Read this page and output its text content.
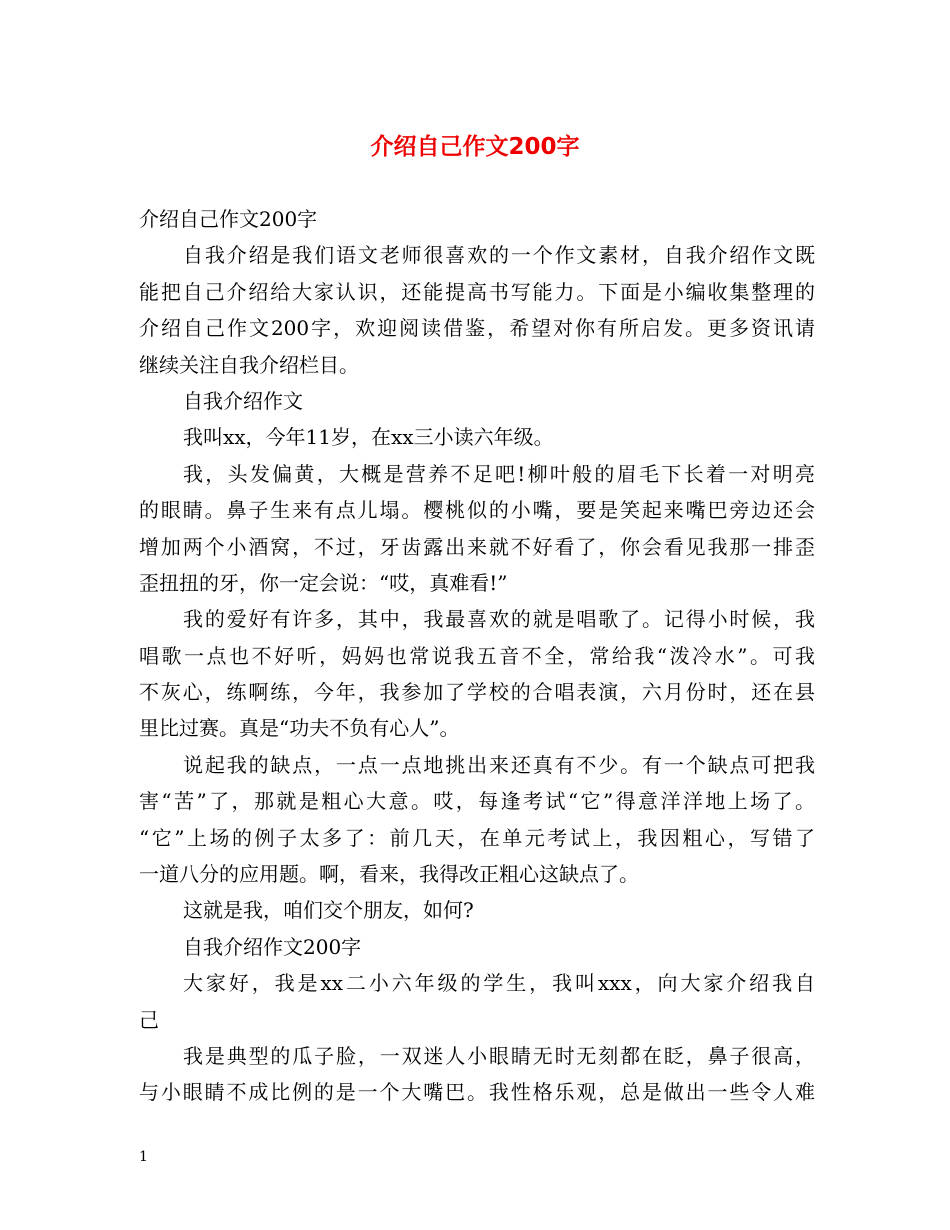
介绍自己作文200字
介绍自己作文200字
自我介绍是我们语文老师很喜欢的一个作文素材，自我介绍作文既
能把自己介绍给大家认识，还能提高书写能力。下面是小编收集整理的
介绍自己作文200字，欢迎阅读借鉴，希望对你有所启发。更多资讯请
继续关注自我介绍栏目。
自我介绍作文
我叫xx，今年11岁，在xx三小读六年级。
我，头发偏黄，大概是营养不足吧!柳叶般的眉毛下长着一对明亮
的眼睛。鼻子生来有点儿塌。樱桃似的小嘴，要是笑起来嘴巴旁边还会
增加两个小酒窝，不过，牙齿露出来就不好看了，你会看见我那一排歪
歪扭扭的牙，你一定会说：“哎，真难看!”
我的爱好有许多，其中，我最喜欢的就是唱歌了。记得小时候，我
唱歌一点也不好听，妈妈也常说我五音不全，常给我“泼冷水”。可我
不灰心，练啊练，今年，我参加了学校的合唱表演，六月份时，还在县
里比过赛。真是“功夫不负有心人”。
说起我的缺点，一点一点地挑出来还真有不少。有一个缺点可把我
害“苦”了，那就是粗心大意。哎，每逢考试“它”得意洋洋地上场了。
“它”上场的例子太多了：前几天，在单元考试上，我因粗心，写错了
一道八分的应用题。啊，看来，我得改正粗心这缺点了。
这就是我，咱们交个朋友，如何?
自我介绍作文200字
大家好，我是xx二小六年级的学生，我叫xxx，向大家介绍我自
己
我是典型的瓜子脸，一双迷人小眼睛无时无刻都在眨，鼻子很高，
与小眼睛不成比例的是一个大嘴巴。我性格乐观，总是做出一些令人难
1
